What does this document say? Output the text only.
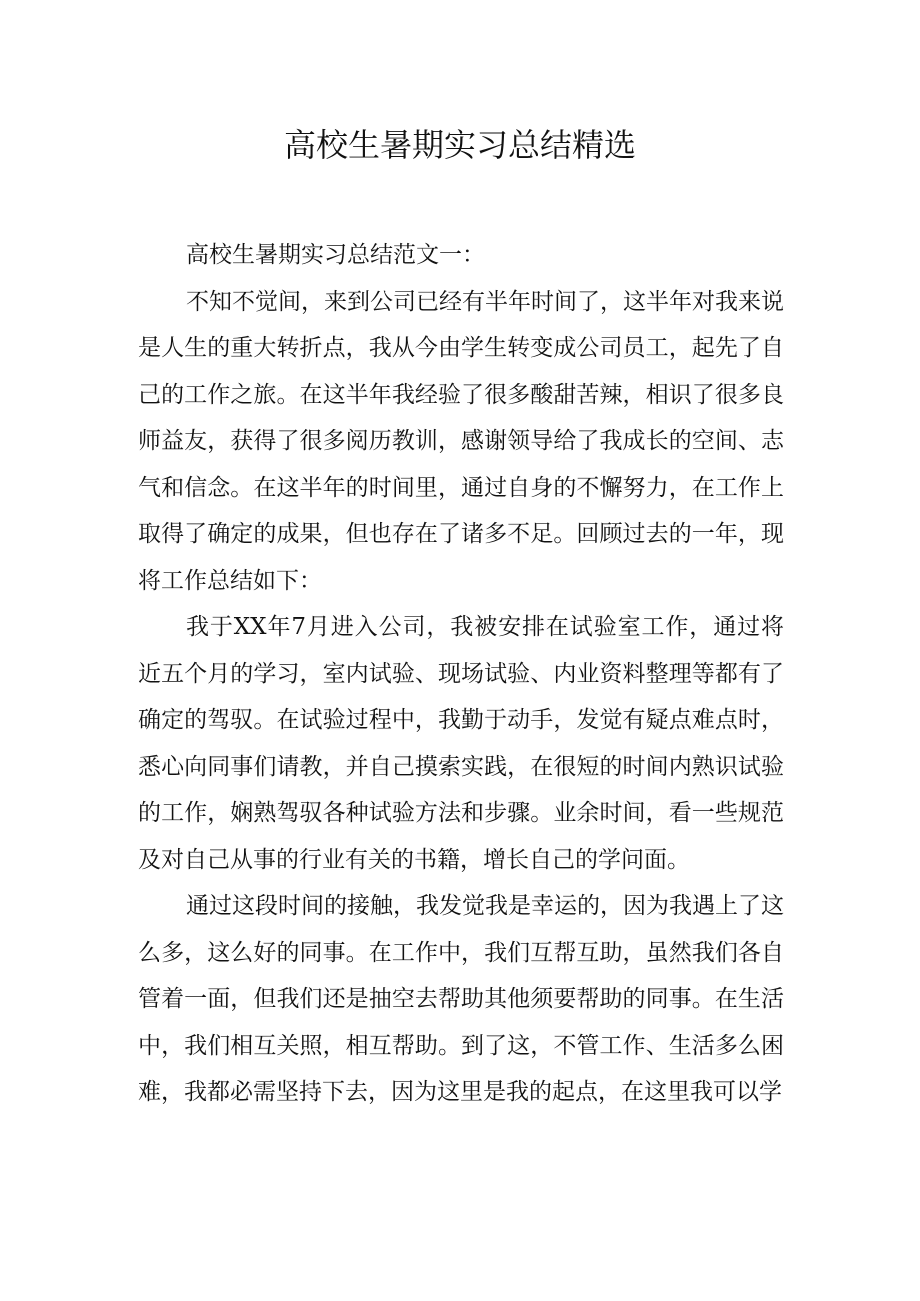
高校生暑期实习总结精选

高校生暑期实习总结范文一：

不知不觉间，来到公司已经有半年时间了，这半年对我来说是人生的重大转折点，我从今由学生转变成公司员工，起先了自己的工作之旅。在这半年我经验了很多酸甜苦辣，相识了很多良师益友，获得了很多阅历教训，感谢领导给了我成长的空间、志气和信念。在这半年的时间里，通过自身的不懈努力，在工作上取得了确定的成果，但也存在了诸多不足。回顾过去的一年，现将工作总结如下：

我于XX年7月进入公司，我被安排在试验室工作，通过将近五个月的学习，室内试验、现场试验、内业资料整理等都有了确定的驾驭。在试验过程中，我勤于动手，发觉有疑点难点时，悉心向同事们请教，并自己摸索实践，在很短的时间内熟识试验的工作，娴熟驾驭各种试验方法和步骤。业余时间，看一些规范及对自己从事的行业有关的书籍，增长自己的学问面。

通过这段时间的接触，我发觉我是幸运的，因为我遇上了这么多，这么好的同事。在工作中，我们互帮互助，虽然我们各自管着一面，但我们还是抽空去帮助其他须要帮助的同事。在生活中，我们相互关照，相互帮助。到了这，不管工作、生活多么困难，我都必需坚持下去，因为这里是我的起点，在这里我可以学
